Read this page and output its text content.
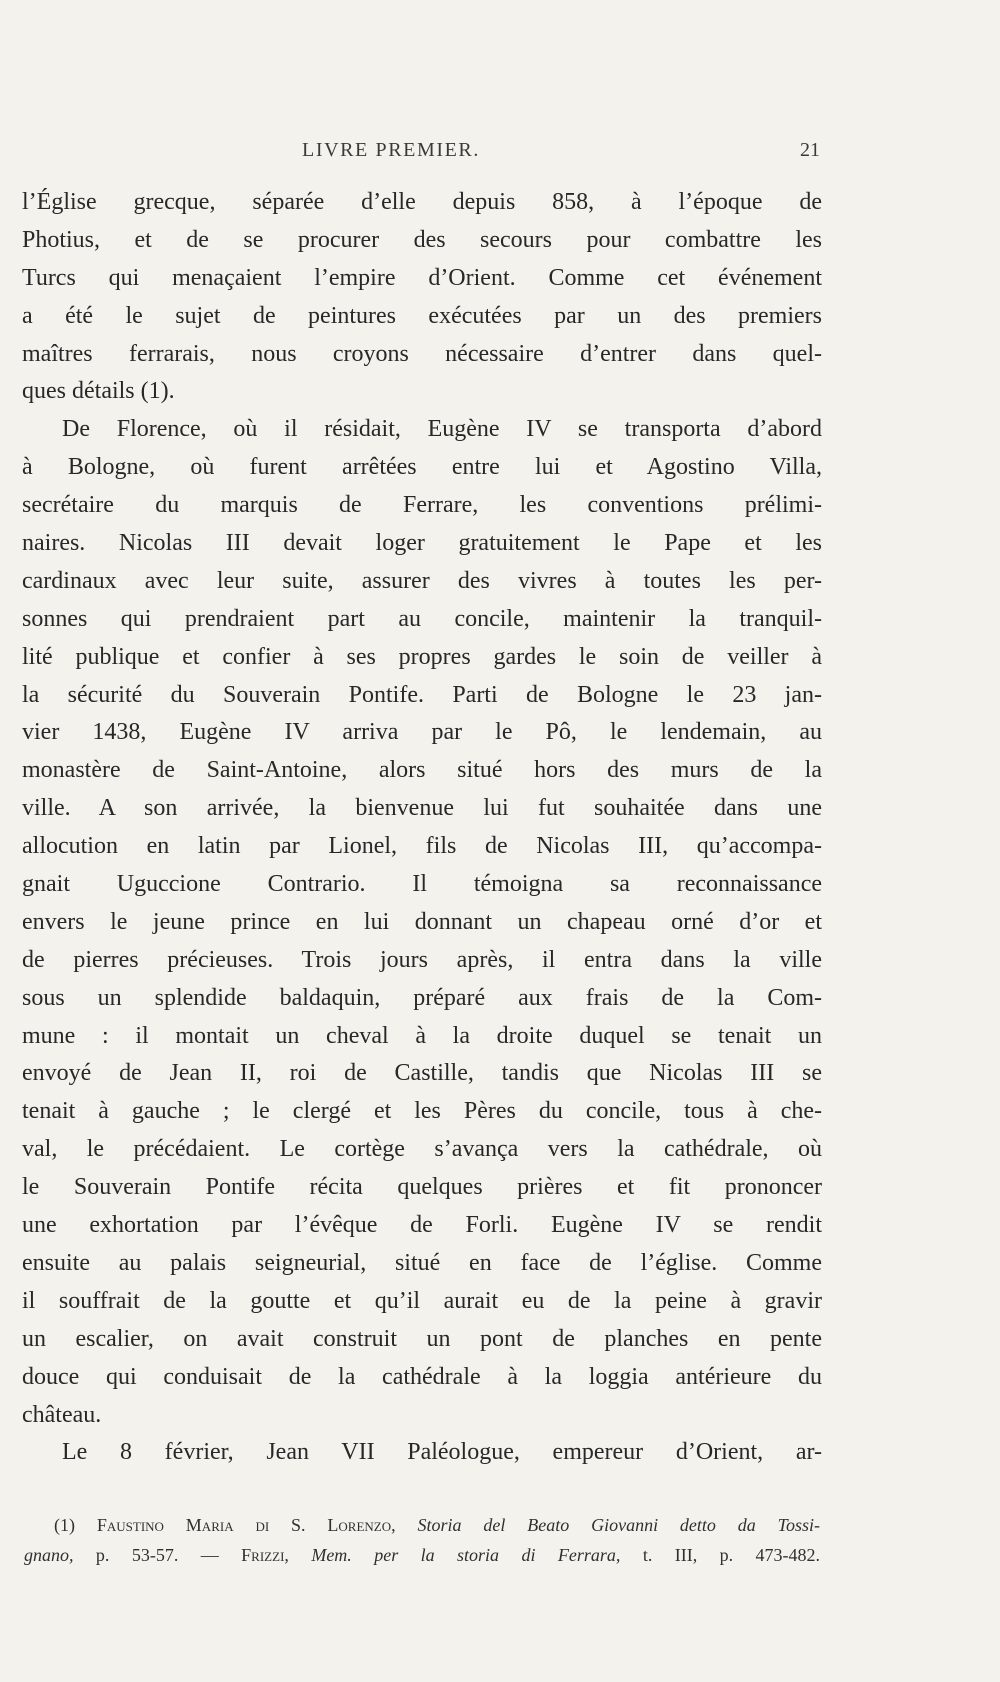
LIVRE PREMIER.	21
l’Église grecque, séparée d’elle depuis 858, à l’époque de
Photius, et de se procurer des secours pour combattre les
Turcs qui menaçaient l’empire d’Orient. Comme cet événement
a été le sujet de peintures exécutées par un des premiers
maîtres ferrarais, nous croyons nécessaire d’entrer dans quel-
ques détails (1).
De Florence, où il résidait, Eugène IV se transporta d’abord
à Bologne, où furent arrêtées entre lui et Agostino Villa,
secrétaire du marquis de Ferrare, les conventions prélimi-
naires. Nicolas III devait loger gratuitement le Pape et les
cardinaux avec leur suite, assurer des vivres à toutes les per-
sonnes qui prendraient part au concile, maintenir la tranquil-
lité publique et confier à ses propres gardes le soin de veiller à
la sécurité du Souverain Pontife. Parti de Bologne le 23 jan-
vier 1438, Eugène IV arriva par le Pô, le lendemain, au
monastère de Saint-Antoine, alors situé hors des murs de la
ville. A son arrivée, la bienvenue lui fut souhaitée dans une
allocution en latin par Lionel, fils de Nicolas III, qu’accompa-
gnait Uguccione Contrario. Il témoigna sa reconnaissance
envers le jeune prince en lui donnant un chapeau orné d’or et
de pierres précieuses. Trois jours après, il entra dans la ville
sous un splendide baldaquin, préparé aux frais de la Com-
mune : il montait un cheval à la droite duquel se tenait un
envoyé de Jean II, roi de Castille, tandis que Nicolas III se
tenait à gauche ; le clergé et les Pères du concile, tous à che-
val, le précédaient. Le cortège s’avança vers la cathédrale, où
le Souverain Pontife récita quelques prières et fit prononcer
une exhortation par l’évêque de Forli. Eugène IV se rendit
ensuite au palais seigneurial, situé en face de l’église. Comme
il souffrait de la goutte et qu’il aurait eu de la peine à gravir
un escalier, on avait construit un pont de planches en pente
douce qui conduisait de la cathédrale à la loggia antérieure du
château.
Le 8 février, Jean VII Paléologue, empereur d’Orient, ar-
(1) Faustino Maria di S. Lorenzo, Storia del Beato Giovanni detto da Tossi-
gnano, p. 53-57. — Frizzi, Mem. per la storia di Ferrara, t. III, p. 473-482.
